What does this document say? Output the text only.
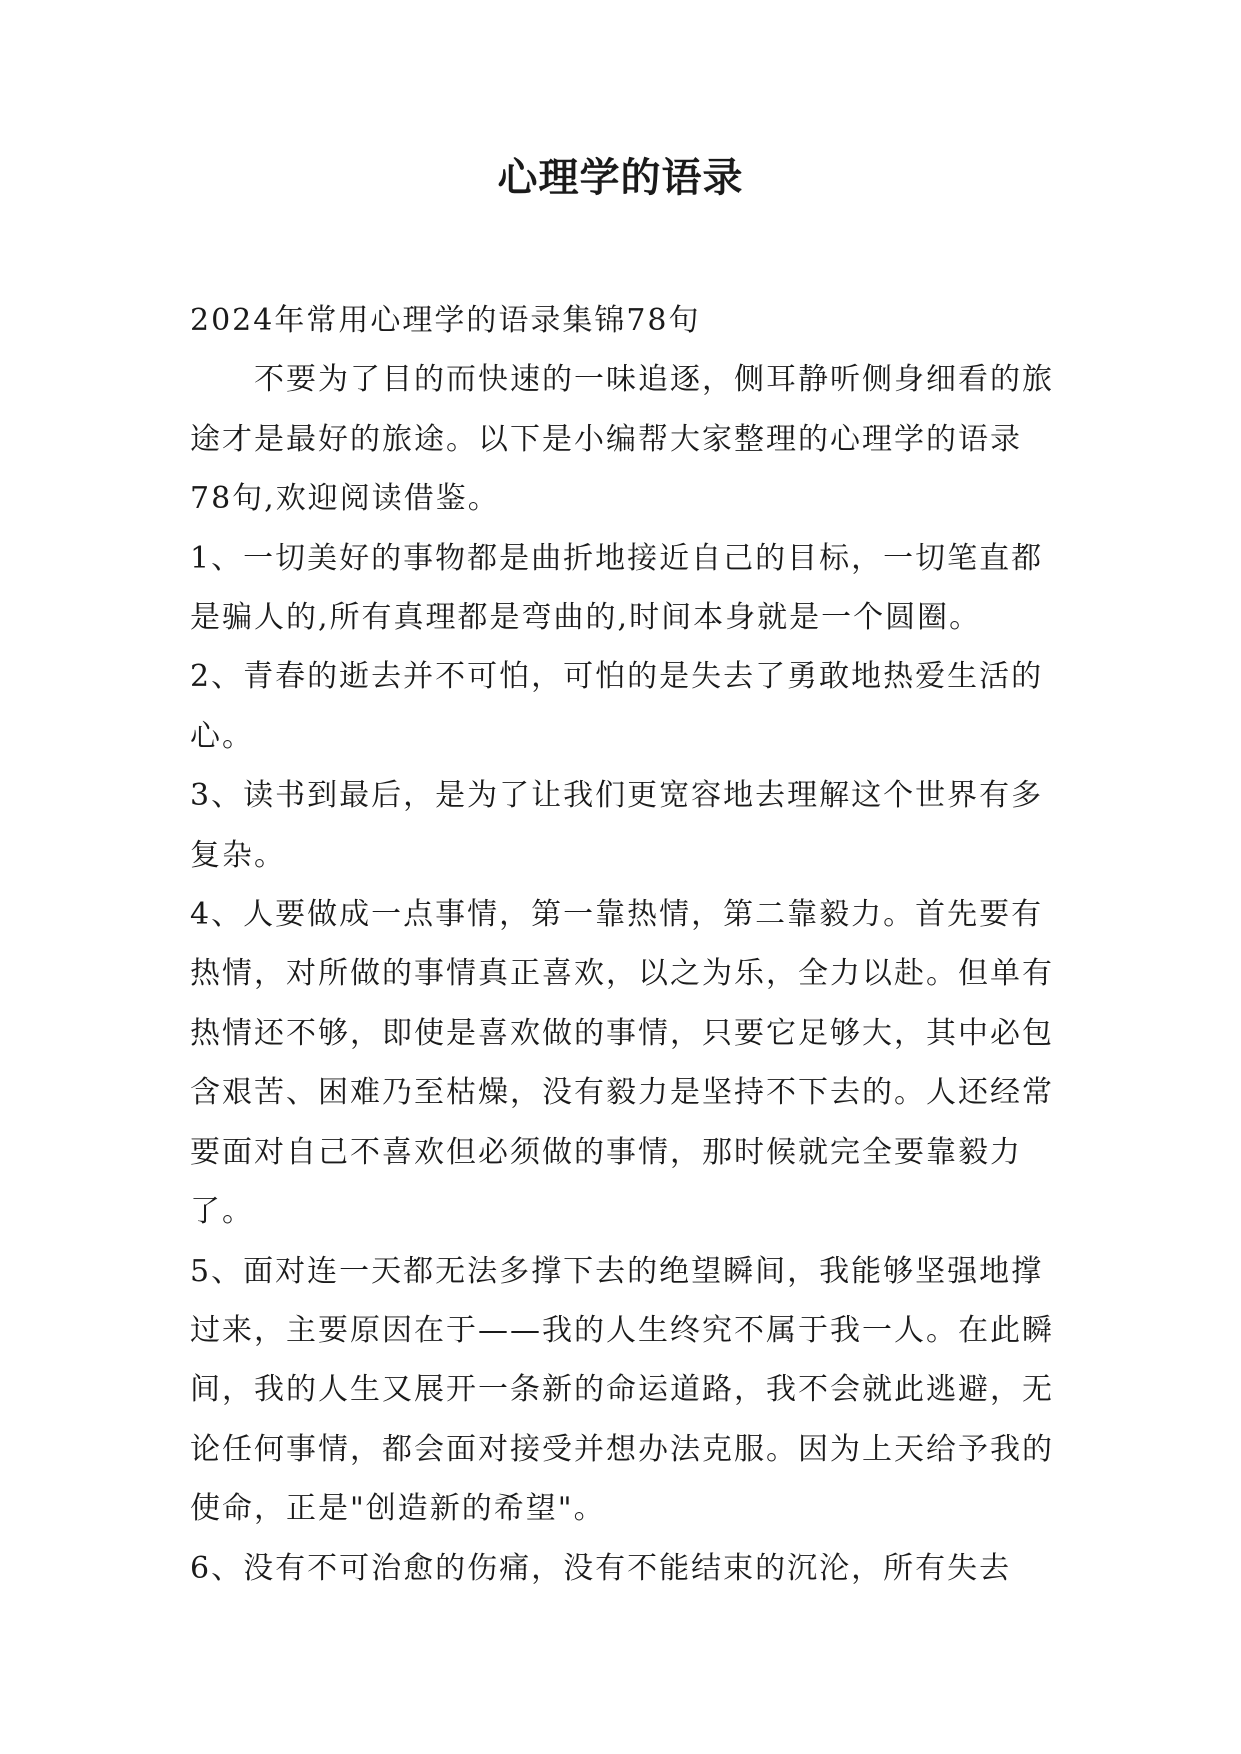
心理学的语录

2024年常用心理学的语录集锦78句

不要为了目的而快速的一味追逐，侧耳静听侧身细看的旅途才是最好的旅途。以下是小编帮大家整理的心理学的语录78句,欢迎阅读借鉴。

1、一切美好的事物都是曲折地接近自己的目标，一切笔直都是骗人的,所有真理都是弯曲的,时间本身就是一个圆圈。

2、青春的逝去并不可怕，可怕的是失去了勇敢地热爱生活的心。

3、读书到最后，是为了让我们更宽容地去理解这个世界有多复杂。

4、人要做成一点事情，第一靠热情，第二靠毅力。首先要有热情，对所做的事情真正喜欢，以之为乐，全力以赴。但单有热情还不够，即使是喜欢做的事情，只要它足够大，其中必包含艰苦、困难乃至枯燥，没有毅力是坚持不下去的。人还经常要面对自己不喜欢但必须做的事情，那时候就完全要靠毅力了。

5、面对连一天都无法多撑下去的绝望瞬间，我能够坚强地撑过来，主要原因在于——我的人生终究不属于我一人。在此瞬间，我的人生又展开一条新的命运道路，我不会就此逃避，无论任何事情，都会面对接受并想办法克服。因为上天给予我的使命，正是"创造新的希望"。

6、没有不可治愈的伤痛，没有不能结束的沉沦，所有失去
